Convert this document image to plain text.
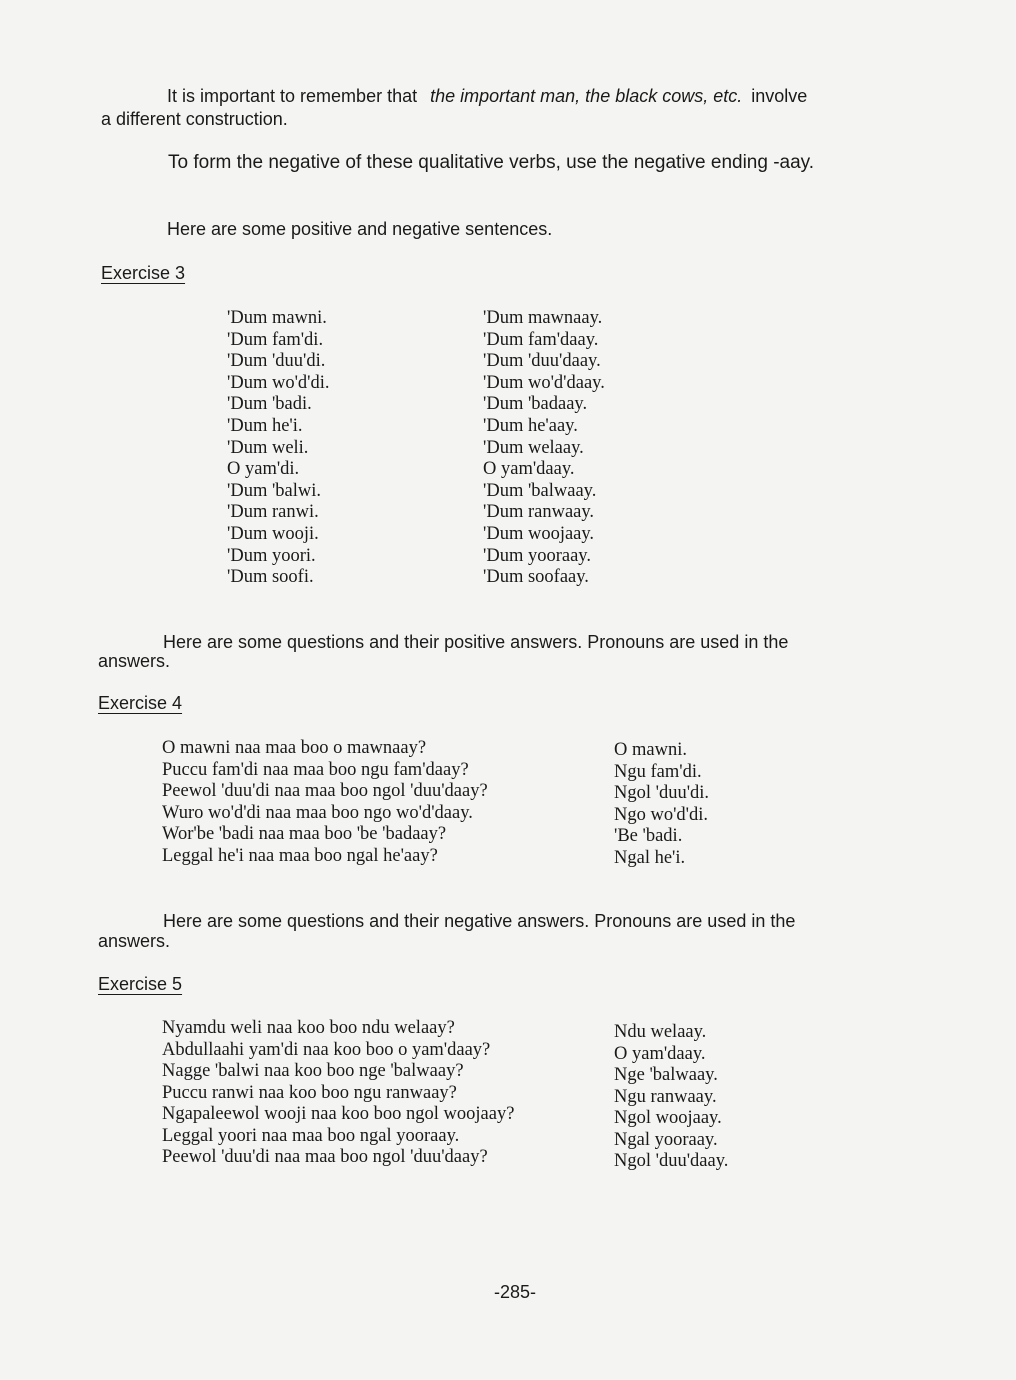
It is important to remember that the important man, the black cows, etc. involve
a different construction.
To form the negative of these qualitative verbs, use the negative ending -aay.
Here are some positive and negative sentences.
Exercise 3
'Dum mawni.
'Dum fam'di.
'Dum 'duu'di.
'Dum wo'd'di.
'Dum 'badi.
'Dum he'i.
'Dum weli.
O yam'di.
'Dum 'balwi.
'Dum ranwi.
'Dum wooji.
'Dum yoori.
'Dum soofi.
'Dum mawnaay.
'Dum fam'daay.
'Dum 'duu'daay.
'Dum wo'd'daay.
'Dum 'badaay.
'Dum he'aay.
'Dum welaay.
O yam'daay.
'Dum 'balwaay.
'Dum ranwaay.
'Dum woojaay.
'Dum yooraay.
'Dum soofaay.
Here are some questions and their positive answers. Pronouns are used in the
answers.
Exercise 4
O mawni naa maa boo o mawnaay?
Puccu fam'di naa maa boo ngu fam'daay?
Peewol 'duu'di naa maa boo ngol 'duu'daay?
Wuro wo'd'di naa maa boo ngo wo'd'daay.
Wor'be 'badi naa maa boo 'be 'badaay?
Leggal he'i naa maa boo ngal he'aay?
O mawni.
Ngu fam'di.
Ngol 'duu'di.
Ngo wo'd'di.
'Be 'badi.
Ngal he'i.
Here are some questions and their negative answers. Pronouns are used in the
answers.
Exercise 5
Nyamdu weli naa koo boo ndu welaay?
Abdullaahi yam'di naa koo boo o yam'daay?
Nagge 'balwi naa koo boo nge 'balwaay?
Puccu ranwi naa koo boo ngu ranwaay?
Ngapaleewol wooji naa koo boo ngol woojaay?
Leggal yoori naa maa boo ngal yooraay.
Peewol 'duu'di naa maa boo ngol 'duu'daay?
Ndu welaay.
O yam'daay.
Nge 'balwaay.
Ngu ranwaay.
Ngol woojaay.
Ngal yooraay.
Ngol 'duu'daay.
-285-
